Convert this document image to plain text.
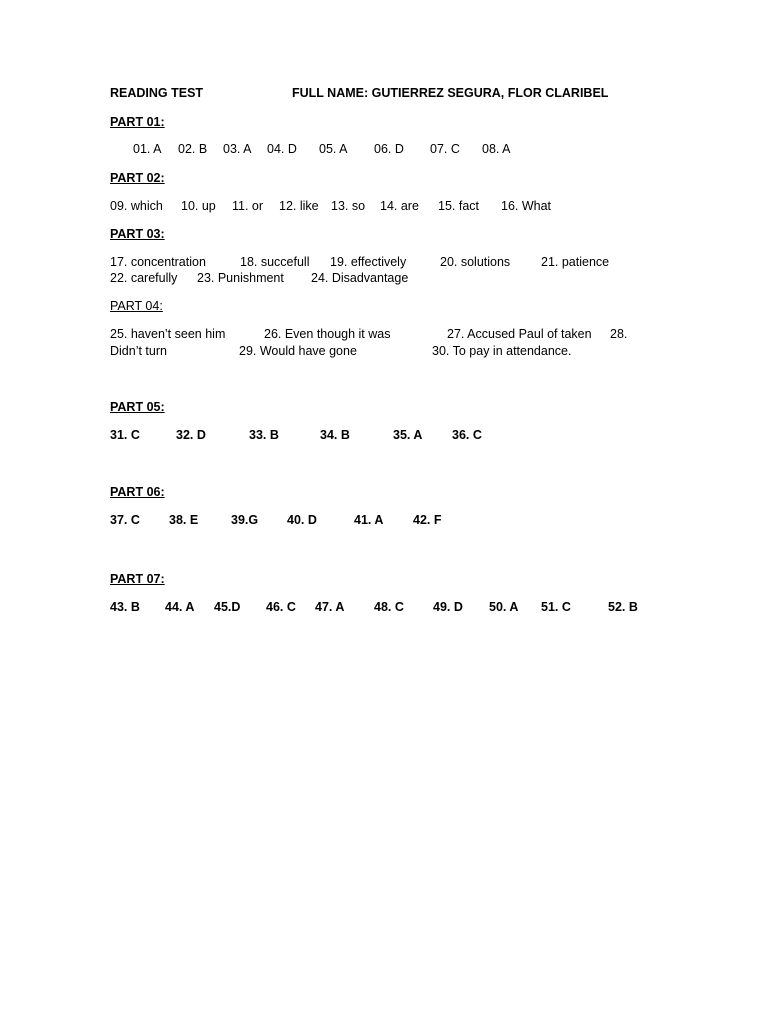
READING TEST	FULL NAME: GUTIERREZ SEGURA, FLOR CLARIBEL
PART 01:
01. A 02. B 03. A 04. D 05. A 06. D 07. C 08. A
PART 02:
09. which 10. up 11. or 12. like 13. so 14. are 15. fact 16. What
PART 03:
17. concentration	18. succefull 19. effectively	20. solutions 21. patience
22. carefully 23. Punishment 24. Disadvantage
PART 04:
25. haven’t seen him	26. Even though it was	27. Accused Paul of taken 28.
Didn’t turn	29. Would have gone	30. To pay in attendance.
PART 05:
31. C	32. D	33. B	34. B	35. A 36. C
PART 06:
37. C 38. E	39.G 40. D	41. A 42. F
PART 07:
43. B 44. A 45.D 46. C 47. A 48. C 49. D 50. A 51. C	52. B
